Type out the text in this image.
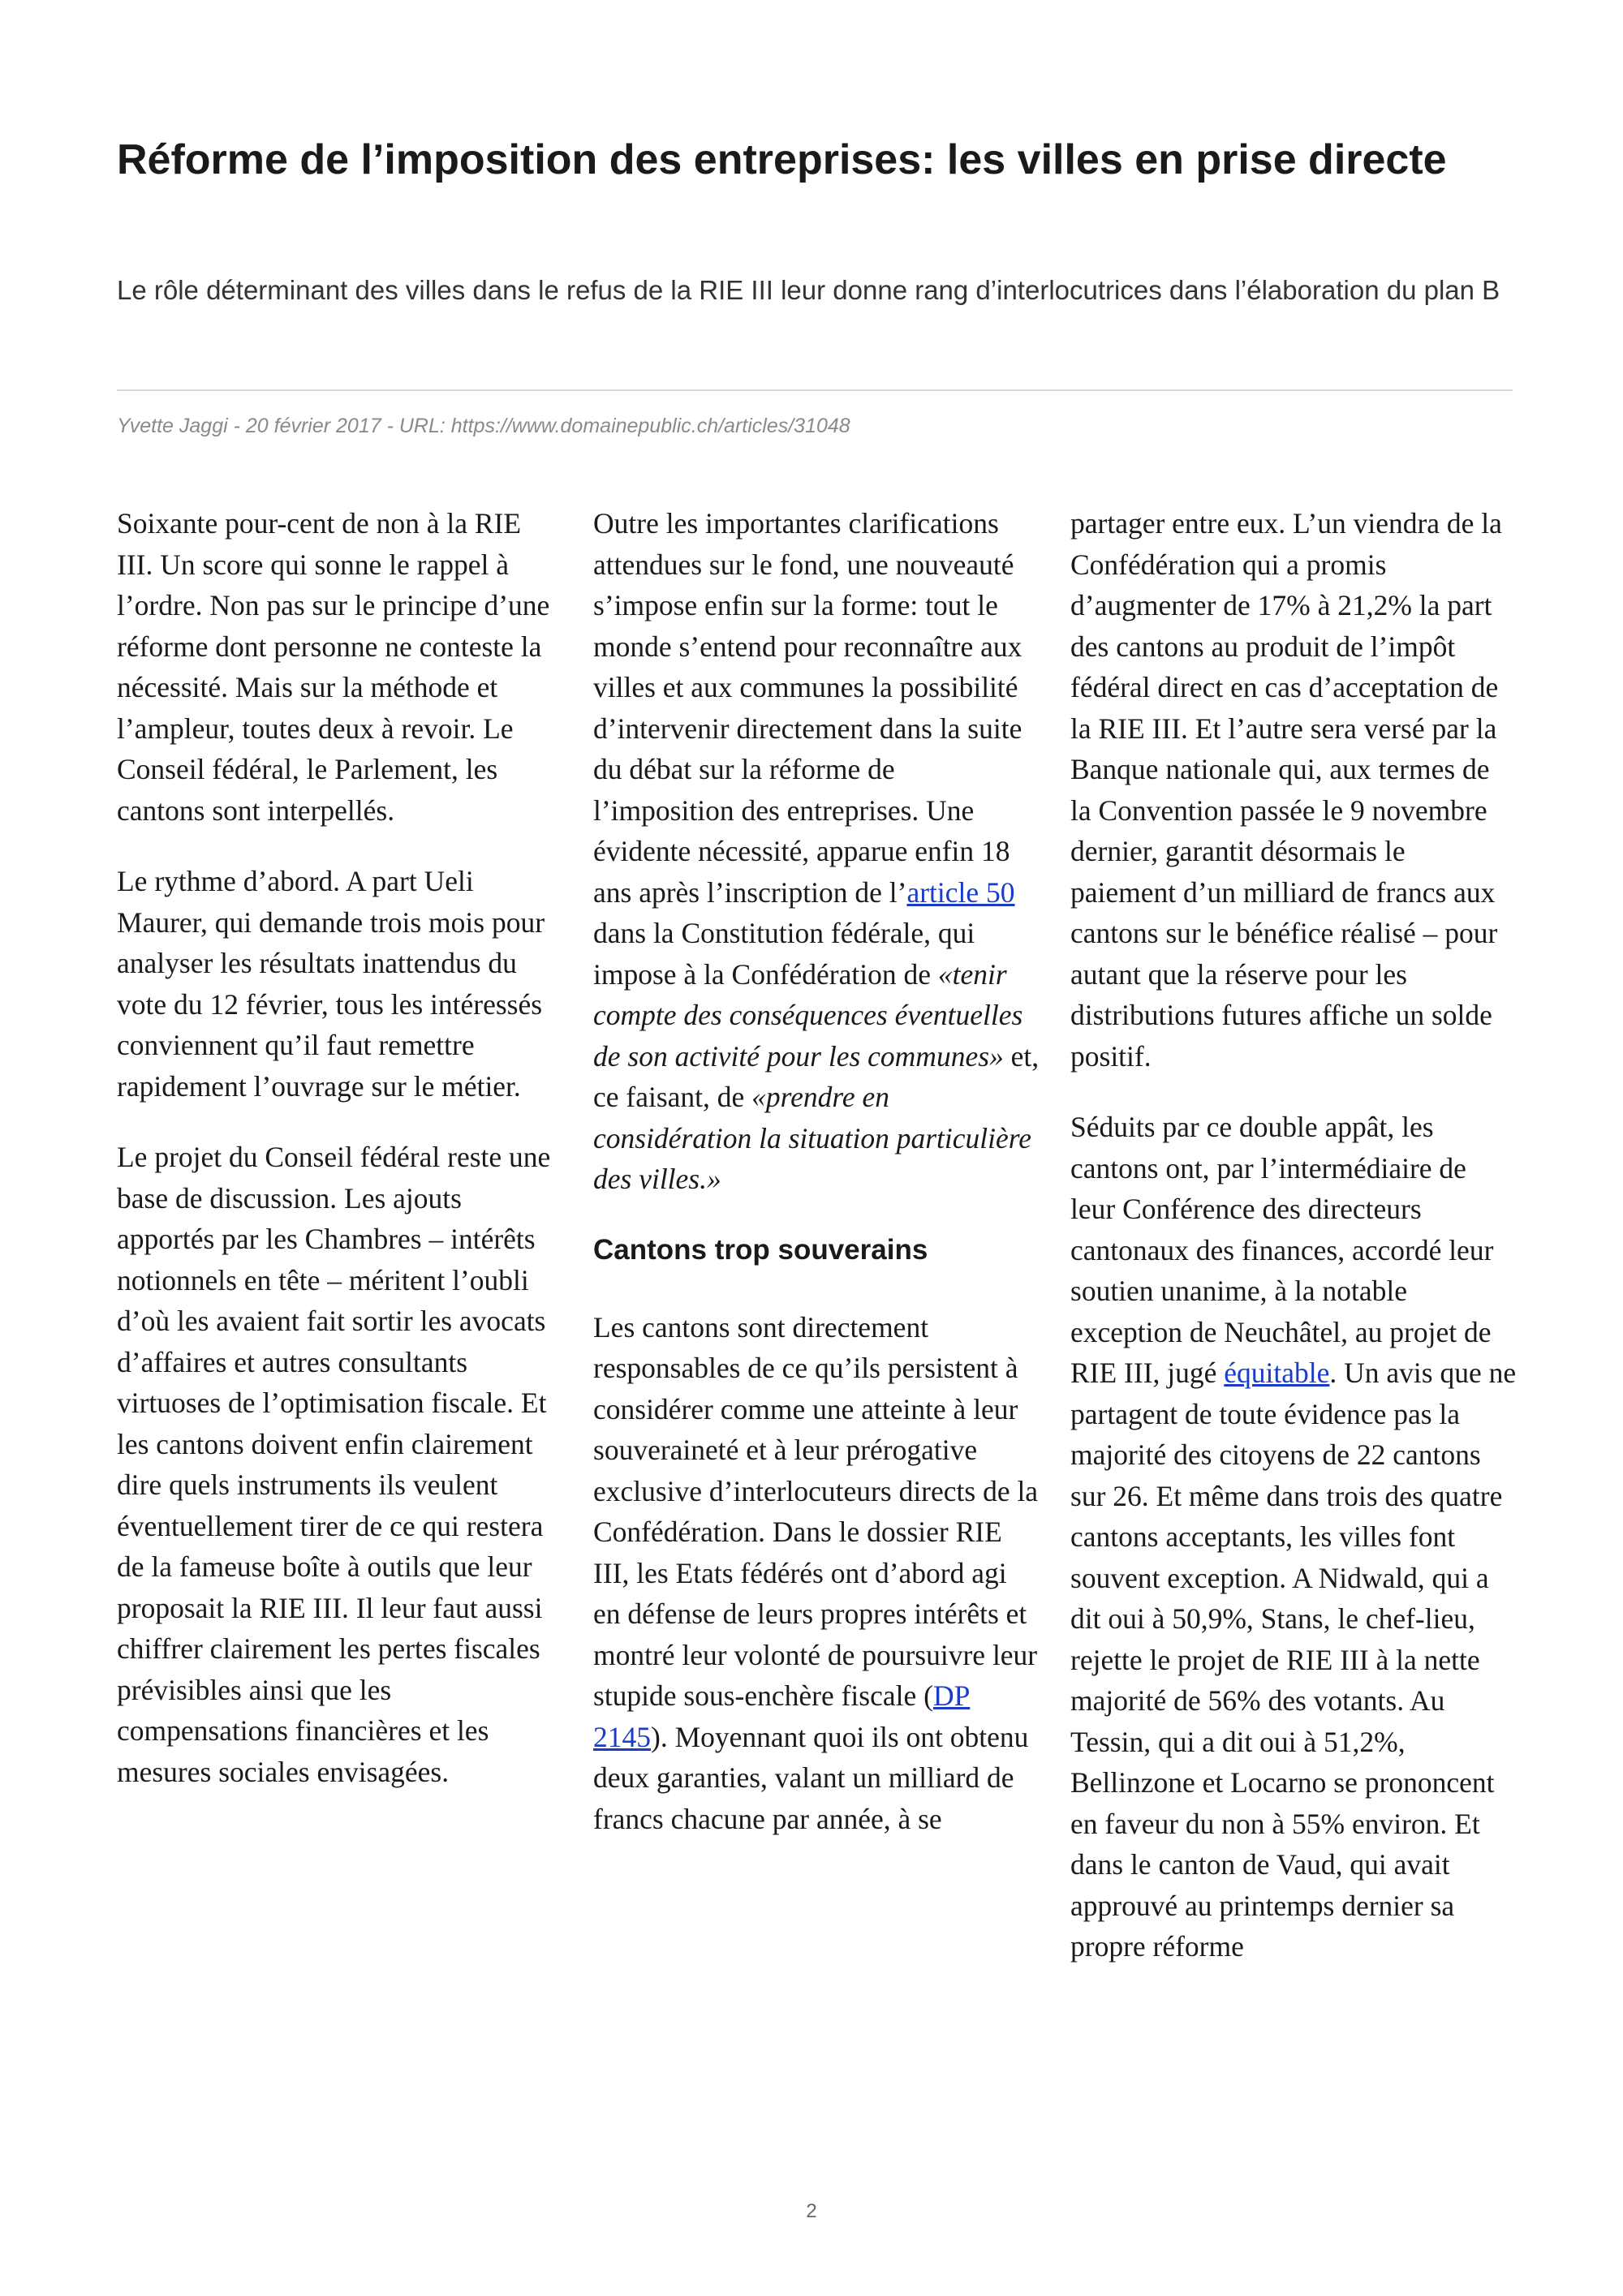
Réforme de l’imposition des entreprises: les villes en prise directe

Le rôle déterminant des villes dans le refus de la RIE III leur donne rang d’interlocutrices dans l’élaboration du plan B

Yvette Jaggi - 20 février 2017 - URL: https://www.domainepublic.ch/articles/31048

Soixante pour-cent de non à la RIE III. Un score qui sonne le rappel à l’ordre. Non pas sur le principe d’une réforme dont personne ne conteste la nécessité. Mais sur la méthode et l’ampleur, toutes deux à revoir. Le Conseil fédéral, le Parlement, les cantons sont interpellés.

Le rythme d’abord. A part Ueli Maurer, qui demande trois mois pour analyser les résultats inattendus du vote du 12 février, tous les intéressés conviennent qu’il faut remettre rapidement l’ouvrage sur le métier.

Le projet du Conseil fédéral reste une base de discussion. Les ajouts apportés par les Chambres – intérêts notionnels en tête – méritent l’oubli d’où les avaient fait sortir les avocats d’affaires et autres consultants virtuoses de l’optimisation fiscale. Et les cantons doivent enfin clairement dire quels instruments ils veulent éventuellement tirer de ce qui restera de la fameuse boîte à outils que leur proposait la RIE III. Il leur faut aussi chiffrer clairement les pertes fiscales prévisibles ainsi que les compensations financières et les mesures sociales envisagées.

Outre les importantes clarifications attendues sur le fond, une nouveauté s’impose enfin sur la forme: tout le monde s’entend pour reconnaître aux villes et aux communes la possibilité d’intervenir directement dans la suite du débat sur la réforme de l’imposition des entreprises. Une évidente nécessité, apparue enfin 18 ans après l’inscription de l’article 50 dans la Constitution fédérale, qui impose à la Confédération de «tenir compte des conséquences éventuelles de son activité pour les communes» et, ce faisant, de «prendre en considération la situation particulière des villes.»

Cantons trop souverains

Les cantons sont directement responsables de ce qu’ils persistent à considérer comme une atteinte à leur souveraineté et à leur prérogative exclusive d’interlocuteurs directs de la Confédération. Dans le dossier RIE III, les Etats fédérés ont d’abord agi en défense de leurs propres intérêts et montré leur volonté de poursuivre leur stupide sous-enchère fiscale (DP 2145). Moyennant quoi ils ont obtenu deux garanties, valant un milliard de francs chacune par année, à se

partager entre eux. L’un viendra de la Confédération qui a promis d’augmenter de 17% à 21,2% la part des cantons au produit de l’impôt fédéral direct en cas d’acceptation de la RIE III. Et l’autre sera versé par la Banque nationale qui, aux termes de la Convention passée le 9 novembre dernier, garantit désormais le paiement d’un milliard de francs aux cantons sur le bénéfice réalisé – pour autant que la réserve pour les distributions futures affiche un solde positif.

Séduits par ce double appât, les cantons ont, par l’intermédiaire de leur Conférence des directeurs cantonaux des finances, accordé leur soutien unanime, à la notable exception de Neuchâtel, au projet de RIE III, jugé équitable. Un avis que ne partagent de toute évidence pas la majorité des citoyens de 22 cantons sur 26. Et même dans trois des quatre cantons acceptants, les villes font souvent exception. A Nidwald, qui a dit oui à 50,9%, Stans, le chef-lieu, rejette le projet de RIE III à la nette majorité de 56% des votants. Au Tessin, qui a dit oui à 51,2%, Bellinzone et Locarno se prononcent en faveur du non à 55% environ. Et dans le canton de Vaud, qui avait approuvé au printemps dernier sa propre réforme

2
